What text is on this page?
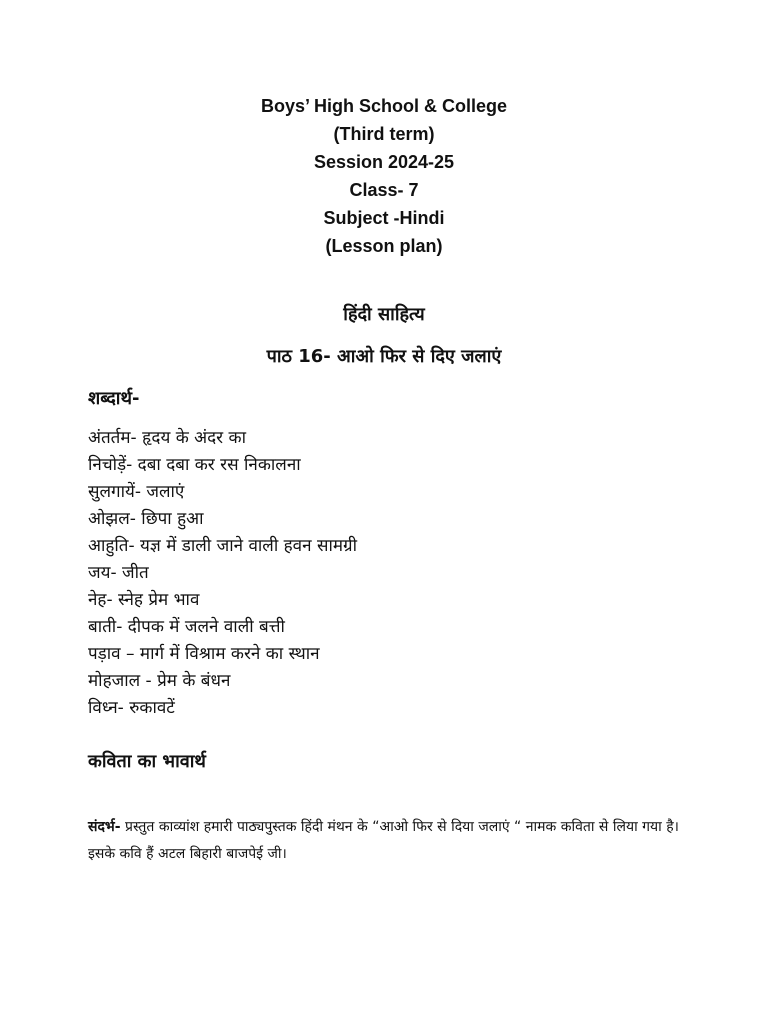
Boys’ High School & College
(Third term)
Session 2024-25
Class- 7
Subject -Hindi
(Lesson plan)
हिंदी साहित्य
पाठ 16- आओ फिर से दिए जलाएं
शब्दार्थ-
अंतर्तम- हृदय के अंदर का
निचोड़ें- दबा दबा कर रस निकालना
सुलगायें- जलाएं
ओझल- छिपा हुआ
आहुति- यज्ञ में डाली जाने वाली हवन सामग्री
जय- जीत
नेह- स्नेह प्रेम भाव
बाती- दीपक में जलने वाली बत्ती
पड़ाव – मार्ग में विश्राम करने का स्थान
मोहजाल - प्रेम के बंधन
विध्न- रुकावटें
कविता का भावार्थ
संदर्भ- प्रस्तुत काव्यांश हमारी पाठ्यपुस्तक हिंदी मंथन के “आओ फिर से दिया जलाएं “ नामक कविता से लिया गया है। इसके कवि हैं अटल बिहारी बाजपेई जी।
